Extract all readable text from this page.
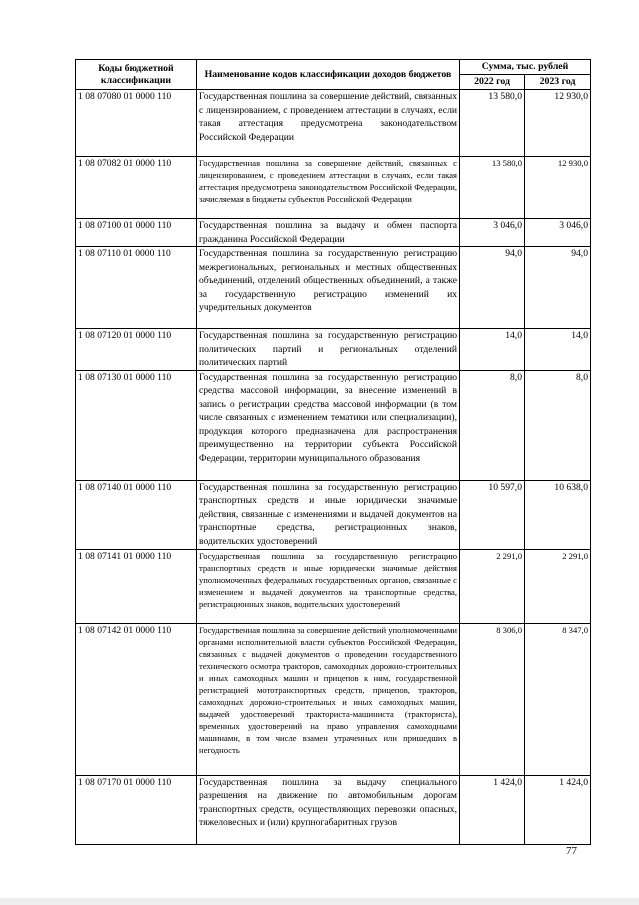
Коды бюджетной классификации	Наименование кодов классификации доходов бюджетов	Сумма, тыс. рублей	
		2022 год	2023 год
1 08 07080 01 0000 110	Государственная пошлина за совершение действий, связанных с лицензированием, с проведением аттестации в случаях, если такая аттестация предусмотрена законодательством Российской Федерации	13 580,0	12 930,0
1 08 07082 01 0000 110	Государственная пошлина за совершение действий, связанных с лицензированием, с проведением аттестации в случаях, если такая аттестация предусмотрена законодательством Российской Федерации, зачисляемая в бюджеты субъектов Российской Федерации	13 580,0	12 930,0
1 08 07100 01 0000 110	Государственная пошлина за выдачу и обмен паспорта гражданина Российской Федерации	3 046,0	3 046,0
1 08 07110 01 0000 110	Государственная пошлина за государственную регистрацию межрегиональных, региональных и местных общественных объединений, отделений общественных объединений, а также за государственную регистрацию изменений их учредительных документов	94,0	94,0
1 08 07120 01 0000 110	Государственная пошлина за государственную регистрацию политических партий и региональных отделений политических партий	14,0	14,0
1 08 07130 01 0000 110	Государственная пошлина за государственную регистрацию средства массовой информации, за внесение изменений в запись о регистрации средства массовой информации (в том числе связанных с изменением тематики или специализации), продукция которого предназначена для распространения преимущественно на территории субъекта Российской Федерации, территории муниципального образования	8,0	8,0
1 08 07140 01 0000 110	Государственная пошлина за государственную регистрацию транспортных средств и иные юридически значимые действия, связанные с изменениями и выдачей документов на транспортные средства, регистрационных знаков, водительских удостоверений	10 597,0	10 638,0
1 08 07141 01 0000 110	Государственная пошлина за государственную регистрацию транспортных средств и иные юридически значимые действия уполномоченных федеральных государственных органов, связанные с изменением и выдачей документов на транспортные средства, регистрационных знаков, водительских удостоверений	2 291,0	2 291,0
1 08 07142 01 0000 110	Государственная пошлина за совершение действий уполномоченными органами исполнительной власти субъектов Российской Федерации, связанных с выдачей документов о проведении государственного технического осмотра тракторов, самоходных дорожно-строительных и иных самоходных машин и прицепов к ним, государственной регистрацией мототранспортных средств, прицепов, тракторов, самоходных дорожно-строительных и иных самоходных машин, выдачей удостоверений тракториста-машиниста (тракториста), временных удостоверений на право управления самоходными машинами, в том числе взамен утраченных или пришедших в негодность	8 306,0	8 347,0
1 08 07170 01 0000 110	Государственная пошлина за выдачу специального разрешения на движение по автомобильным дорогам транспортных средств, осуществляющих перевозки опасных, тяжеловесных и (или) крупногабаритных грузов	1 424,0	1 424,0
77
